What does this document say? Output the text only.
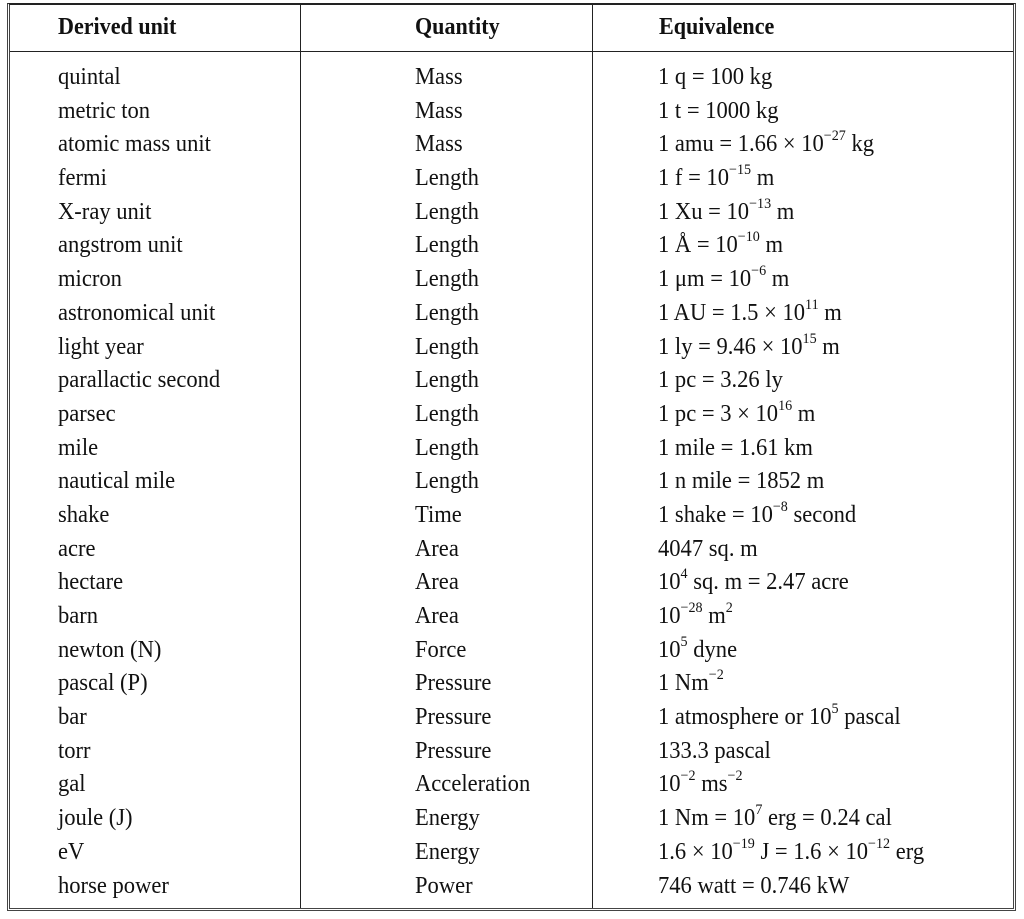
Derived unit	Quantity	Equivalence
quintal	Mass	1 q = 100 kg
metric ton	Mass	1 t = 1000 kg
atomic mass unit	Mass	1 amu = $1.66 \times 10^{-27}$ kg
fermi	Length	1 $f = 10^{-15}$ m
X-ray unit	Length	1 $Xu = 10^{-13}$ m
angstrom unit	Length	1 Å = $10^{-10}$ m
micron	Length	1 $\mu m = 10^{-6}$ m
astronomical unit	Length	1 AU = $1.5 \times 10^{11}$ m
light year	Length	1 ly = $9.46 \times 10^{15}$ m
parallactic second	Length	1 pc = 3.26 ly
parsec	Length	1 pc = $3 \times 10^{16}$ m
mile	Length	1 mile = 1.61 km
nautical mile	Length	1 n mile = 1852 m
shake	Time	1 shake = $10^{-8}$ second
acre	Area	4047 sq. m
hectare	Area	$10^4$ sq. m = 2.47 acre
barn	Area	$10^{-28}$ $m^2$
newton (N)	Force	$10^5$ dyne
pascal (P)	Pressure	1 $Nm^{-2}$
bar	Pressure	1 atmosphere or $10^5$ pascal
torr	Pressure	133.3 pascal
gal	Acceleration	$10^{-2}$ $ms^{-2}$
joule (J)	Energy	1 $Nm = 10^7$ erg = 0.24 cal
eV	Energy	$1.6 \times 10^{-19}$ $J = 1.6 \times 10^{-12}$ erg
horse power	Power	746 watt = 0.746 kW
